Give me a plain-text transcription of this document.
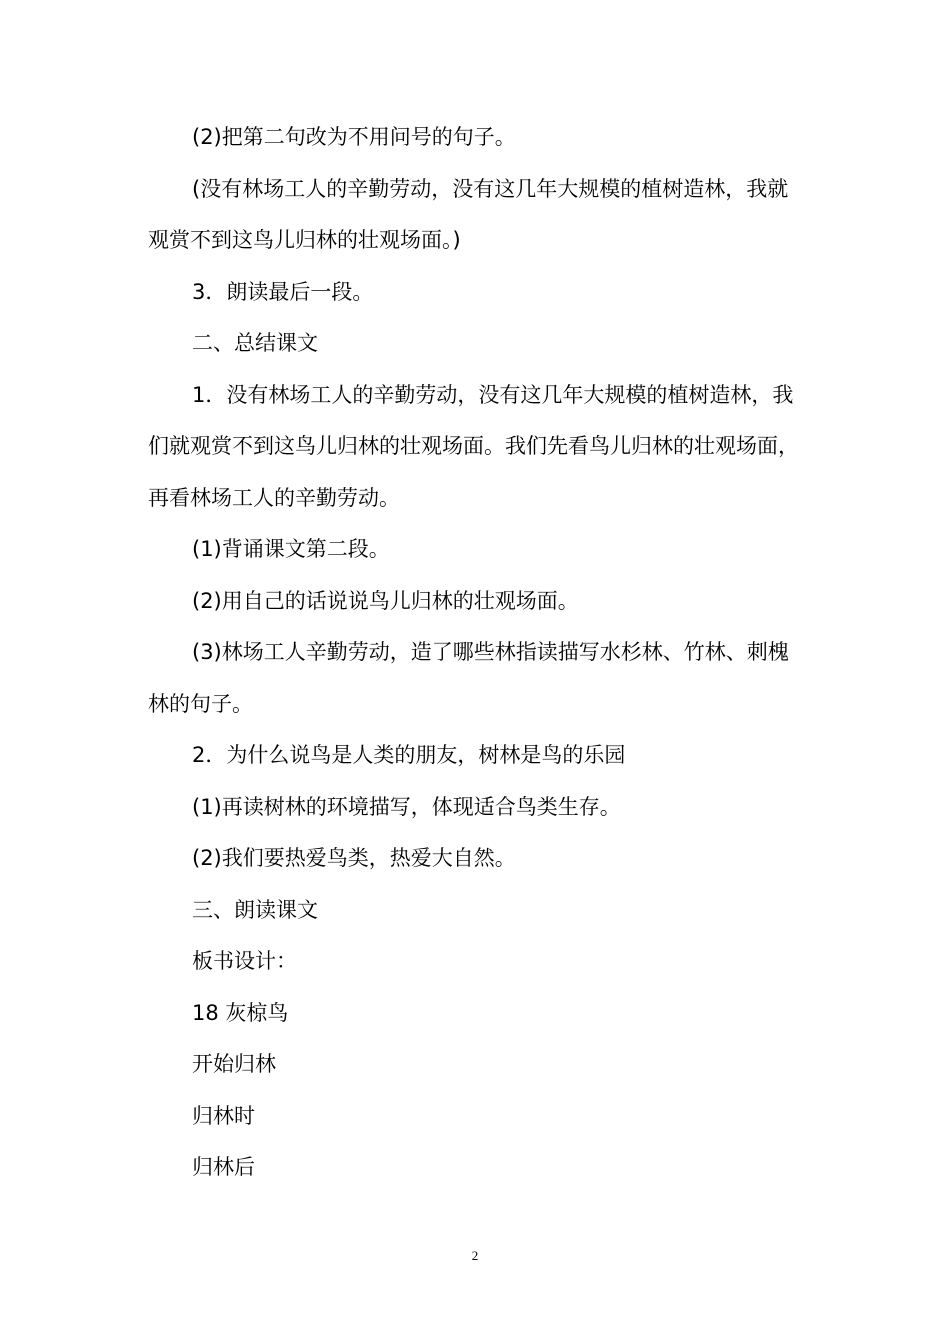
(2)把第二句改为不用问号的句子。

(没有林场工人的辛勤劳动，没有这几年大规模的植树造林，我就观赏不到这鸟儿归林的壮观场面。)

3．朗读最后一段。

二、总结课文

1．没有林场工人的辛勤劳动，没有这几年大规模的植树造林，我们就观赏不到这鸟儿归林的壮观场面。我们先看鸟儿归林的壮观场面，再看林场工人的辛勤劳动。

(1)背诵课文第二段。

(2)用自己的话说说鸟儿归林的壮观场面。

(3)林场工人辛勤劳动，造了哪些林指读描写水杉林、竹林、刺槐林的句子。

2．为什么说鸟是人类的朋友，树林是鸟的乐园

(1)再读树林的环境描写，体现适合鸟类生存。

(2)我们要热爱鸟类，热爱大自然。

三、朗读课文

板书设计：

18 灰椋鸟

开始归林

归林时

归林后

2
